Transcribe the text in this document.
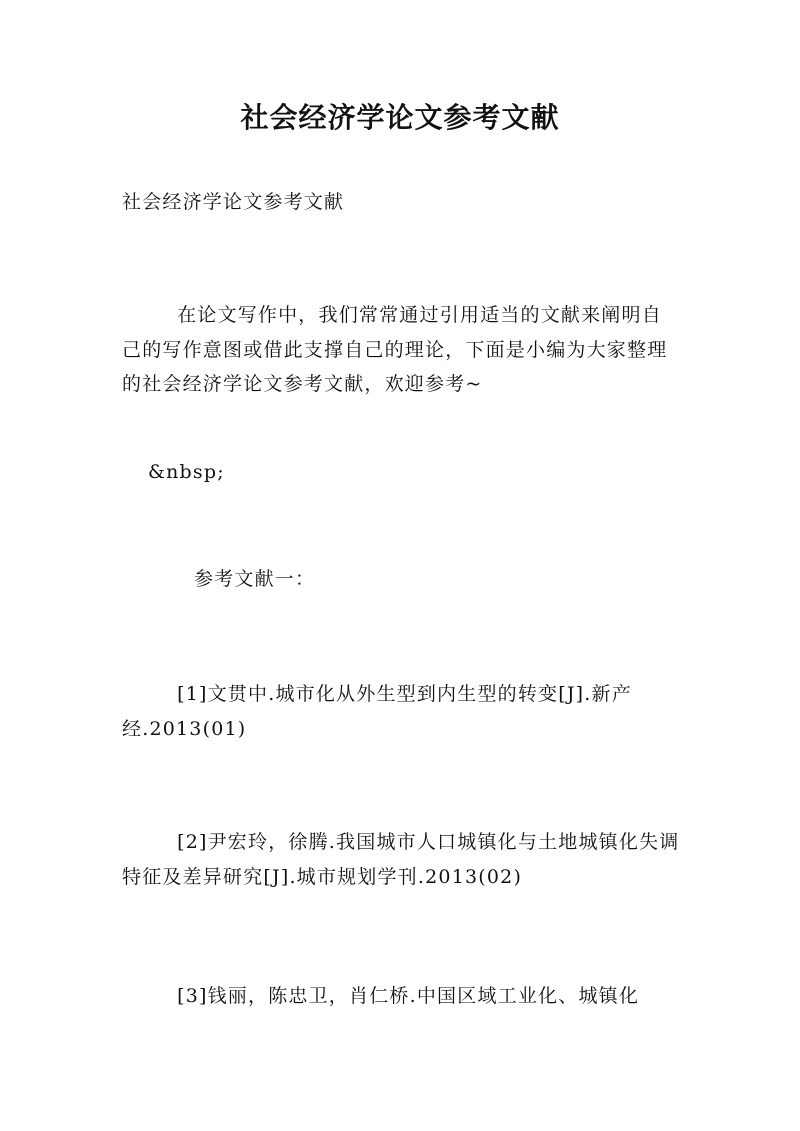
社会经济学论文参考文献
社会经济学论文参考文献
在论文写作中，我们常常通过引用适当的文献来阐明自己的写作意图或借此支撑自己的理论，下面是小编为大家整理的社会经济学论文参考文献，欢迎参考~
&nbsp;
参考文献一：
[1]文贯中.城市化从外生型到内生型的转变[J].新产经.2013(01)
[2]尹宏玲，徐腾.我国城市人口城镇化与土地城镇化失调特征及差异研究[J].城市规划学刊.2013(02)
[3]钱丽，陈忠卫，肖仁桥.中国区域工业化、城镇化
